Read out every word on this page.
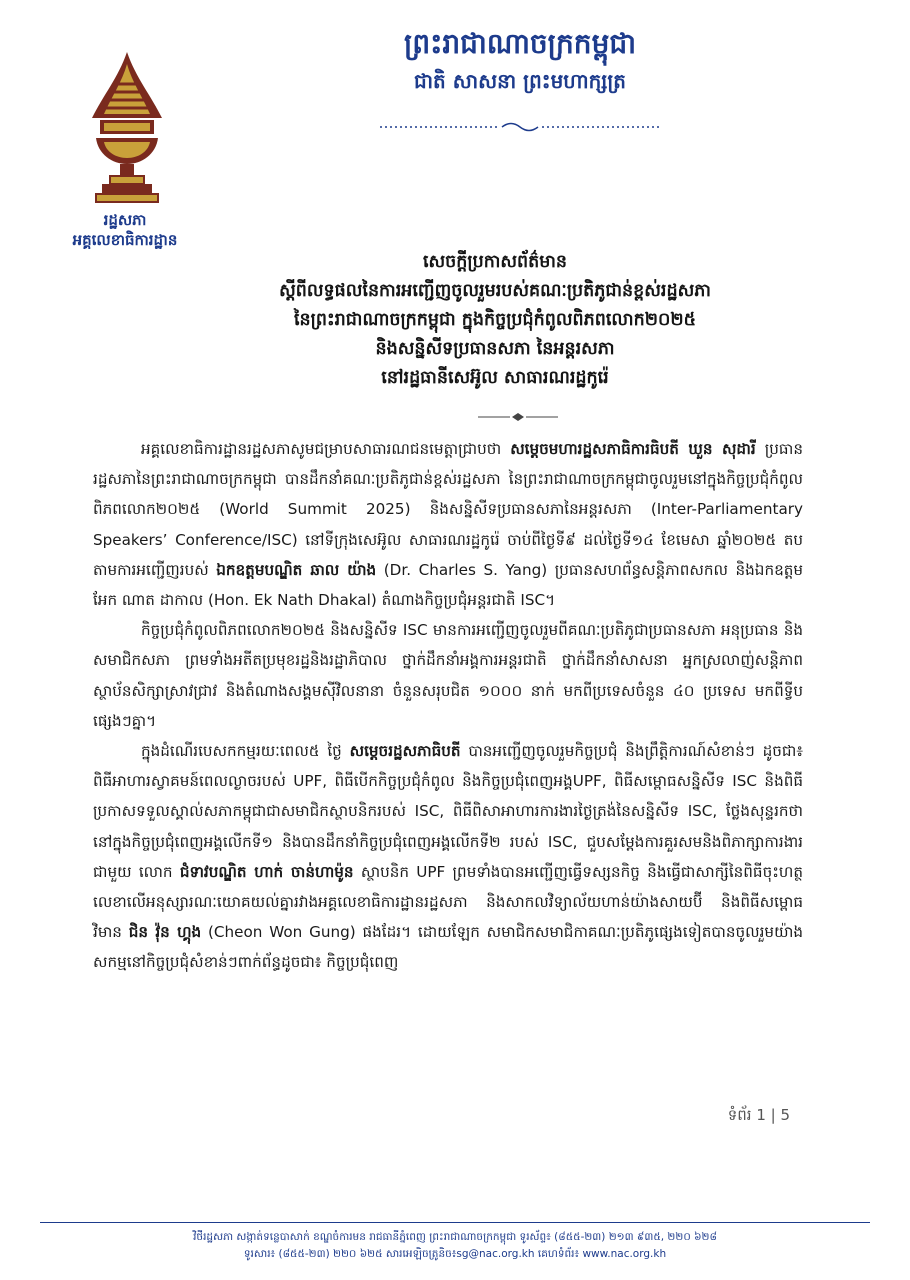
រដ្ឋសភា
អគ្គលេខាធិការដ្ឋាន
ព្រះរាជាណាចក្រកម្ពុជា
ជាតិ សាសនា ព្រះមហាក្សត្រ
សេចក្ដីប្រកាសព័ត៌មាន
ស្ដីពីលទ្ធផលនៃការអញ្ជើញចូលរួមរបស់គណៈប្រតិភូជាន់ខ្ពស់រដ្ឋសភា
នៃព្រះរាជាណាចក្រកម្ពុជា ក្នុងកិច្ចប្រជុំកំពូលពិភពលោក២០២៥
និងសន្និសីទប្រធានសភា នៃអន្តរសភា
នៅរដ្ឋធានីសេអ៊ូល សាធារណរដ្ឋកូរ៉េ

អគ្គលេខាធិការដ្ឋានរដ្ឋសភាសូមជម្រាបសាធារណជនមេត្តាជ្រាបថា សម្ដេចមហារដ្ឋសភាធិការធិបតី ឃួន សុដារី ប្រធានរដ្ឋសភានៃព្រះរាជាណាចក្រកម្ពុជា បានដឹកនាំគណៈប្រតិភូជាន់ខ្ពស់រដ្ឋសភា នៃព្រះរាជាណាចក្រកម្ពុជាចូលរួមនៅក្នុងកិច្ចប្រជុំកំពូលពិភពលោក២០២៥ (World Summit 2025) និងសន្និសីទប្រធានសភានៃអន្តរសភា (Inter-Parliamentary Speakers’ Conference/ISC) នៅទីក្រុងសេអ៊ូល សាធារណរដ្ឋកូរ៉េ ចាប់ពីថ្ងៃទី៩ ដល់ថ្ងៃទី១៤ ខែមេសា ឆ្នាំ២០២៥ តបតាមការអញ្ជើញរបស់ ឯកឧត្តមបណ្ឌិត ឆាល យ៉ាង (Dr. Charles S. Yang) ប្រធានសហព័ន្ធសន្តិភាពសកល និងឯកឧត្តម អែក ណាត ដាកាល (Hon. Ek Nath Dhakal) តំណាងកិច្ចប្រជុំអន្តរជាតិ ISC។

កិច្ចប្រជុំកំពូលពិភពលោក២០២៥ និងសន្និសីទ ISC មានការអញ្ជើញចូលរួមពីគណៈប្រតិភូជាប្រធានសភា អនុប្រធាន និងសមាជិកសភា ព្រមទាំងអតីតប្រមុខរដ្ឋនិងរដ្ឋាភិបាល ថ្នាក់ដឹកនាំអង្គការអន្តរជាតិ ថ្នាក់ដឹកនាំសាសនា អ្នកស្រលាញ់សន្តិភាព ស្ថាប័នសិក្សាស្រាវជ្រាវ និងតំណាងសង្គមស៊ីវិលនានា ចំនួនសរុបជិត ១០០០ នាក់ មកពីប្រទេសចំនួន ៤០ ប្រទេស មកពីទ្វីបផ្សេងៗគ្នា។

ក្នុងដំណើរបេសកកម្មរយៈពេល៥ ថ្ងៃ សម្ដេចរដ្ឋសភាធិបតី បានអញ្ជើញចូលរួមកិច្ចប្រជុំ និងព្រឹត្តិការណ៍សំខាន់ៗ ដូចជា៖ ពិធីអាហារស្វាគមន៍ពេលល្ងាចរបស់ UPF, ពិធីបើកកិច្ចប្រជុំកំពូល និងកិច្ចប្រជុំពេញអង្គUPF, ពិធីសម្ពោធសន្និសីទ ISC និងពិធីប្រកាសទទួលស្គាល់សភាកម្ពុជាជាសមាជិកស្ថាបនិករបស់ ISC, ពិធីពិសាអាហារការងារថ្ងៃត្រង់នៃសន្និសីទ ISC, ថ្លែងសុន្ទរកថានៅក្នុងកិច្ចប្រជុំពេញអង្គលើកទី១ និងបានដឹកនាំកិច្ចប្រជុំពេញអង្គលើកទី២ របស់ ISC, ជួបសម្ដែងការគួរសមនិងពិភាក្សាការងារជាមួយ លោក ជំទាវបណ្ឌិត ហាក់ ចាន់ហាម៉ូន ស្ថាបនិក UPF ព្រមទាំងបានអញ្ជើញធ្វើទស្សនកិច្ច និងធ្វើជាសាក្សីនៃពិធីចុះហត្ថលេខាលើអនុស្សារណៈយោគយល់គ្នារវាងអគ្គលេខាធិការដ្ឋានរដ្ឋសភា និងសាកលវិទ្យាល័យហាន់យ៉ាងសាយប៊ី និងពិធីសម្ពោធវិមាន ជិន វ៉ុន ហ្គុង (Cheon Won Gung) ផងដែរ។ ដោយឡែក សមាជិកសមាជិកាគណៈប្រតិភូផ្សេងទៀតបានចូលរួមយ៉ាងសកម្មនៅកិច្ចប្រជុំសំខាន់ៗពាក់ព័ន្ធដូចជា៖ កិច្ចប្រជុំពេញ

ទំព័រ 1 | 5
វិថីរដ្ឋសភា សង្កាត់ទន្លេបាសាក់ ខណ្ឌចំការមន រាជធានីភ្នំពេញ ព្រះរាជាណាចក្រកម្ពុជា ទូរស័ព្ទ៖ (៨៥៥-២៣) ២១៣ ៩៣៥, ២២០ ៦២៨
ទូរសារ៖ (៨៥៥-២៣) ២២០ ៦២៥ សារអេឡិចត្រូនិច៖sg@nac.org.kh គេហទំព័រ៖ www.nac.org.kh
